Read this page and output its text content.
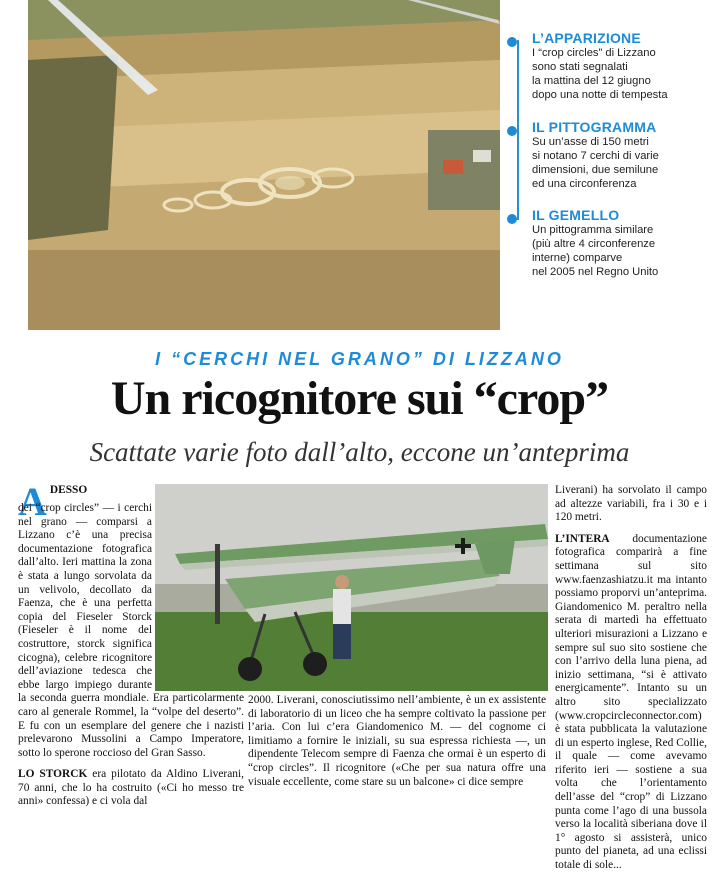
L’APPARIZIONE

I “crop circles” di Lizzano

sono stati segnalati

la mattina del 12 giugno

dopo una notte di tempesta

IL PITTOGRAMMA

Su un’asse di 150 metri

si notano 7 cerchi di varie

dimensioni, due semilune

ed una circonferenza

IL GEMELLO

Un pittogramma similare

(più altre 4 circonferenze

interne) comparve

nel 2005 nel Regno Unito

I “CERCHI NEL GRANO” DI LIZZANO
Un ricognitore sui “crop”
Scattate varie foto dall’alto, eccone un’anteprima
ADESSO

dei “crop circles” — i cerchi nel grano — comparsi a Lizzano c’è una precisa documentazione fotografica dall’alto. Ieri mattina la zona è stata a lungo sorvolata da un velivolo, decollato da Faenza, che è una perfetta copia del Fieseler Storck (Fieseler è il nome del costruttore, storck significa cicogna), celebre ricognitore dell’aviazione tedesca che ebbe largo impiego durante la seconda guerra mondiale. Era particolarmente caro al generale Rommel, la “volpe del deserto”. E fu con un esemplare del genere che i nazisti prelevarono Mussolini a Campo Imperatore, sotto lo sperone roccioso del Gran Sasso.

LO STORCK era pilotato da Aldino Liverani, 70 anni, che lo ha costruito («Ci ho messo tre anni» confessa) e ci vola dal

2000. Liverani, conosciutissimo nell’ambiente, è un ex assistente di laboratorio di un liceo che ha sempre coltivato la passione per l’aria. Con lui c’era Giandomenico M. — del cognome ci limitiamo a fornire le iniziali, su sua espressa richiesta —, un dipendente Telecom sempre di Faenza che ormai è un esperto di “crop circles”. Il ricognitore («Che per sua natura offre una visuale eccellente, come stare su un balcone» ci dice sempre

Liverani) ha sorvolato il campo ad altezze variabili, fra i 30 e i 120 metri.

L’INTERA documentazione fotografica comparirà a fine settimana sul sito www.faenzashiatzu.it ma intanto possiamo proporvi un’anteprima. Giandomenico M. peraltro nella serata di martedì ha effettuato ulteriori misurazioni a Lizzano e sempre sul suo sito sostiene che con l’arrivo della luna piena, ad inizio settimana, “si è attivato energicamente”. Intanto su un altro sito specializzato (www.cropcircleconnector.com) è stata pubblicata la valutazione di un esperto inglese, Red Collie, il quale — come avevamo riferito ieri — sostiene a sua volta che l’orientamento dell’asse del “crop” di Lizzano punta come l’ago di una bussola verso la località siberiana dove il 1° agosto si assisterà, unico punto del pianeta, ad una eclissi totale di sole...
